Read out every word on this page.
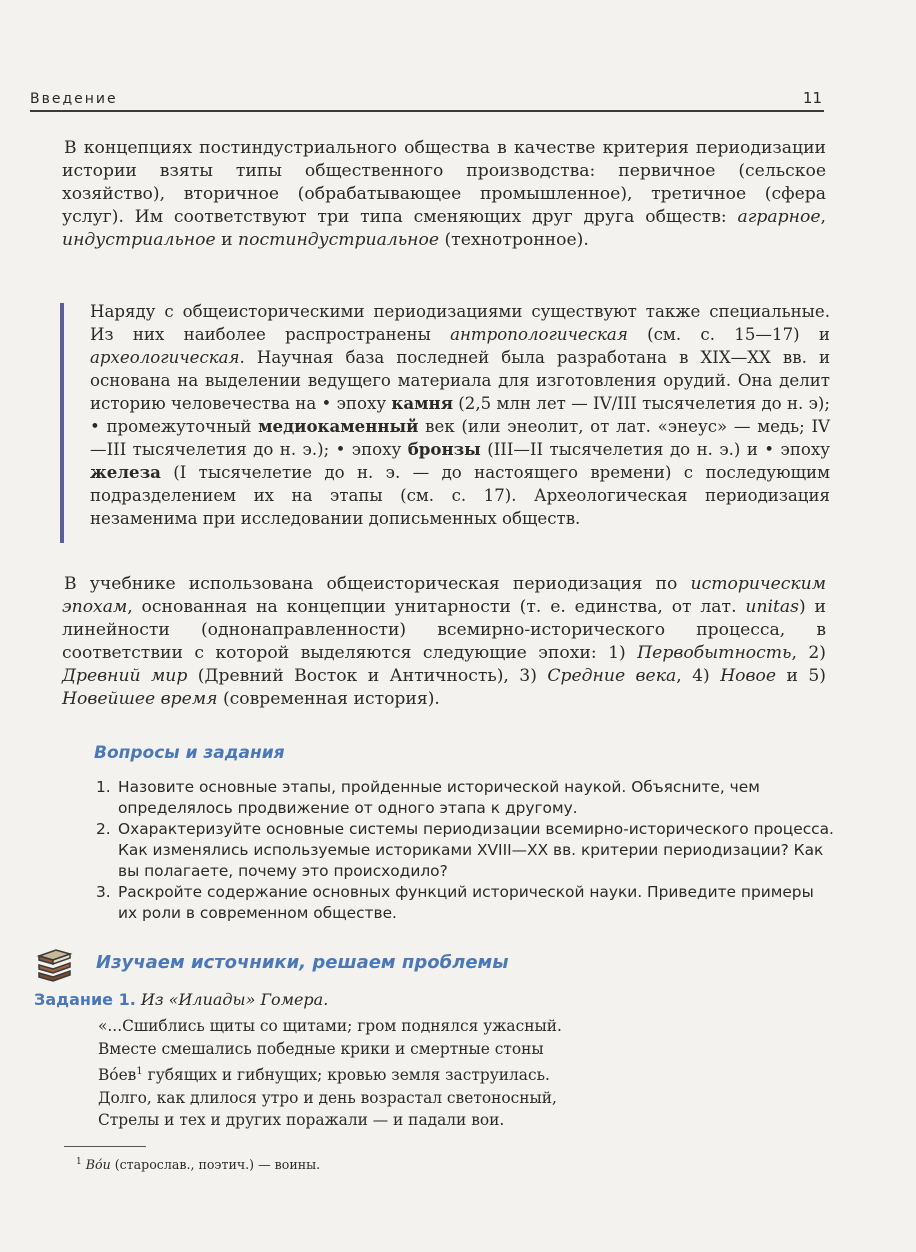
Введение	11
В концепциях постиндустриального общества в качестве критерия периодизации истории взяты типы общественного производства: первичное (сельское хозяйство), вторичное (обрабатывающее промышленное), третичное (сфера услуг). Им соответствуют три типа сменяющих друг друга обществ: аграрное, индустриальное и постиндустриальное (технотронное).
Наряду с общеисторическими периодизациями существуют также специальные. Из них наиболее распространены антропологическая (см. с. 15—17) и археологическая. Научная база последней была разработана в XIX—XX вв. и основана на выделении ведущего материала для изготовления орудий. Она делит историю человечества на • эпоху камня (2,5 млн лет — IV/III тысячелетия до н. э); • промежуточный медиокаменный век (или энеолит, от лат. «энеус» — медь; IV—III тысячелетия до н. э.); • эпоху бронзы (III—II тысячелетия до н. э.) и • эпоху железа (I тысячелетие до н. э. — до настоящего времени) с последующим подразделением их на этапы (см. с. 17). Археологическая периодизация незаменима при исследовании дописьменных обществ.
В учебнике использована общеисторическая периодизация по историческим эпохам, основанная на концепции унитарности (т. е. единства, от лат. unitas) и линейности (однонаправленности) всемирно-исторического процесса, в соответствии с которой выделяются следующие эпохи: 1) Первобытность, 2) Древний мир (Древний Восток и Античность), 3) Средние века, 4) Новое и 5) Новейшее время (современная история).
Вопросы и задания
1. Назовите основные этапы, пройденные исторической наукой. Объясните, чем определялось продвижение от одного этапа к другому.
2. Охарактеризуйте основные системы периодизации всемирно-исторического процесса. Как изменялись используемые историками XVIII—XX вв. критерии периодизации? Как вы полагаете, почему это происходило?
3. Раскройте содержание основных функций исторической науки. Приведите примеры их роли в современном обществе.
Изучаем источники, решаем проблемы
Задание 1. Из «Илиады» Гомера.
«...Сшиблись щиты со щитами; гром поднялся ужасный.
Вместе смешались победные крики и смертные стоны
$Во́ев^1$ губящих и гибнущих; кровью земля заструилась.
Долго, как длилося утро и день возрастал светоносный,
Стрелы и тех и других поражали — и падали вои.
$^1$ Во́и (старослав., поэтич.) — воины.
